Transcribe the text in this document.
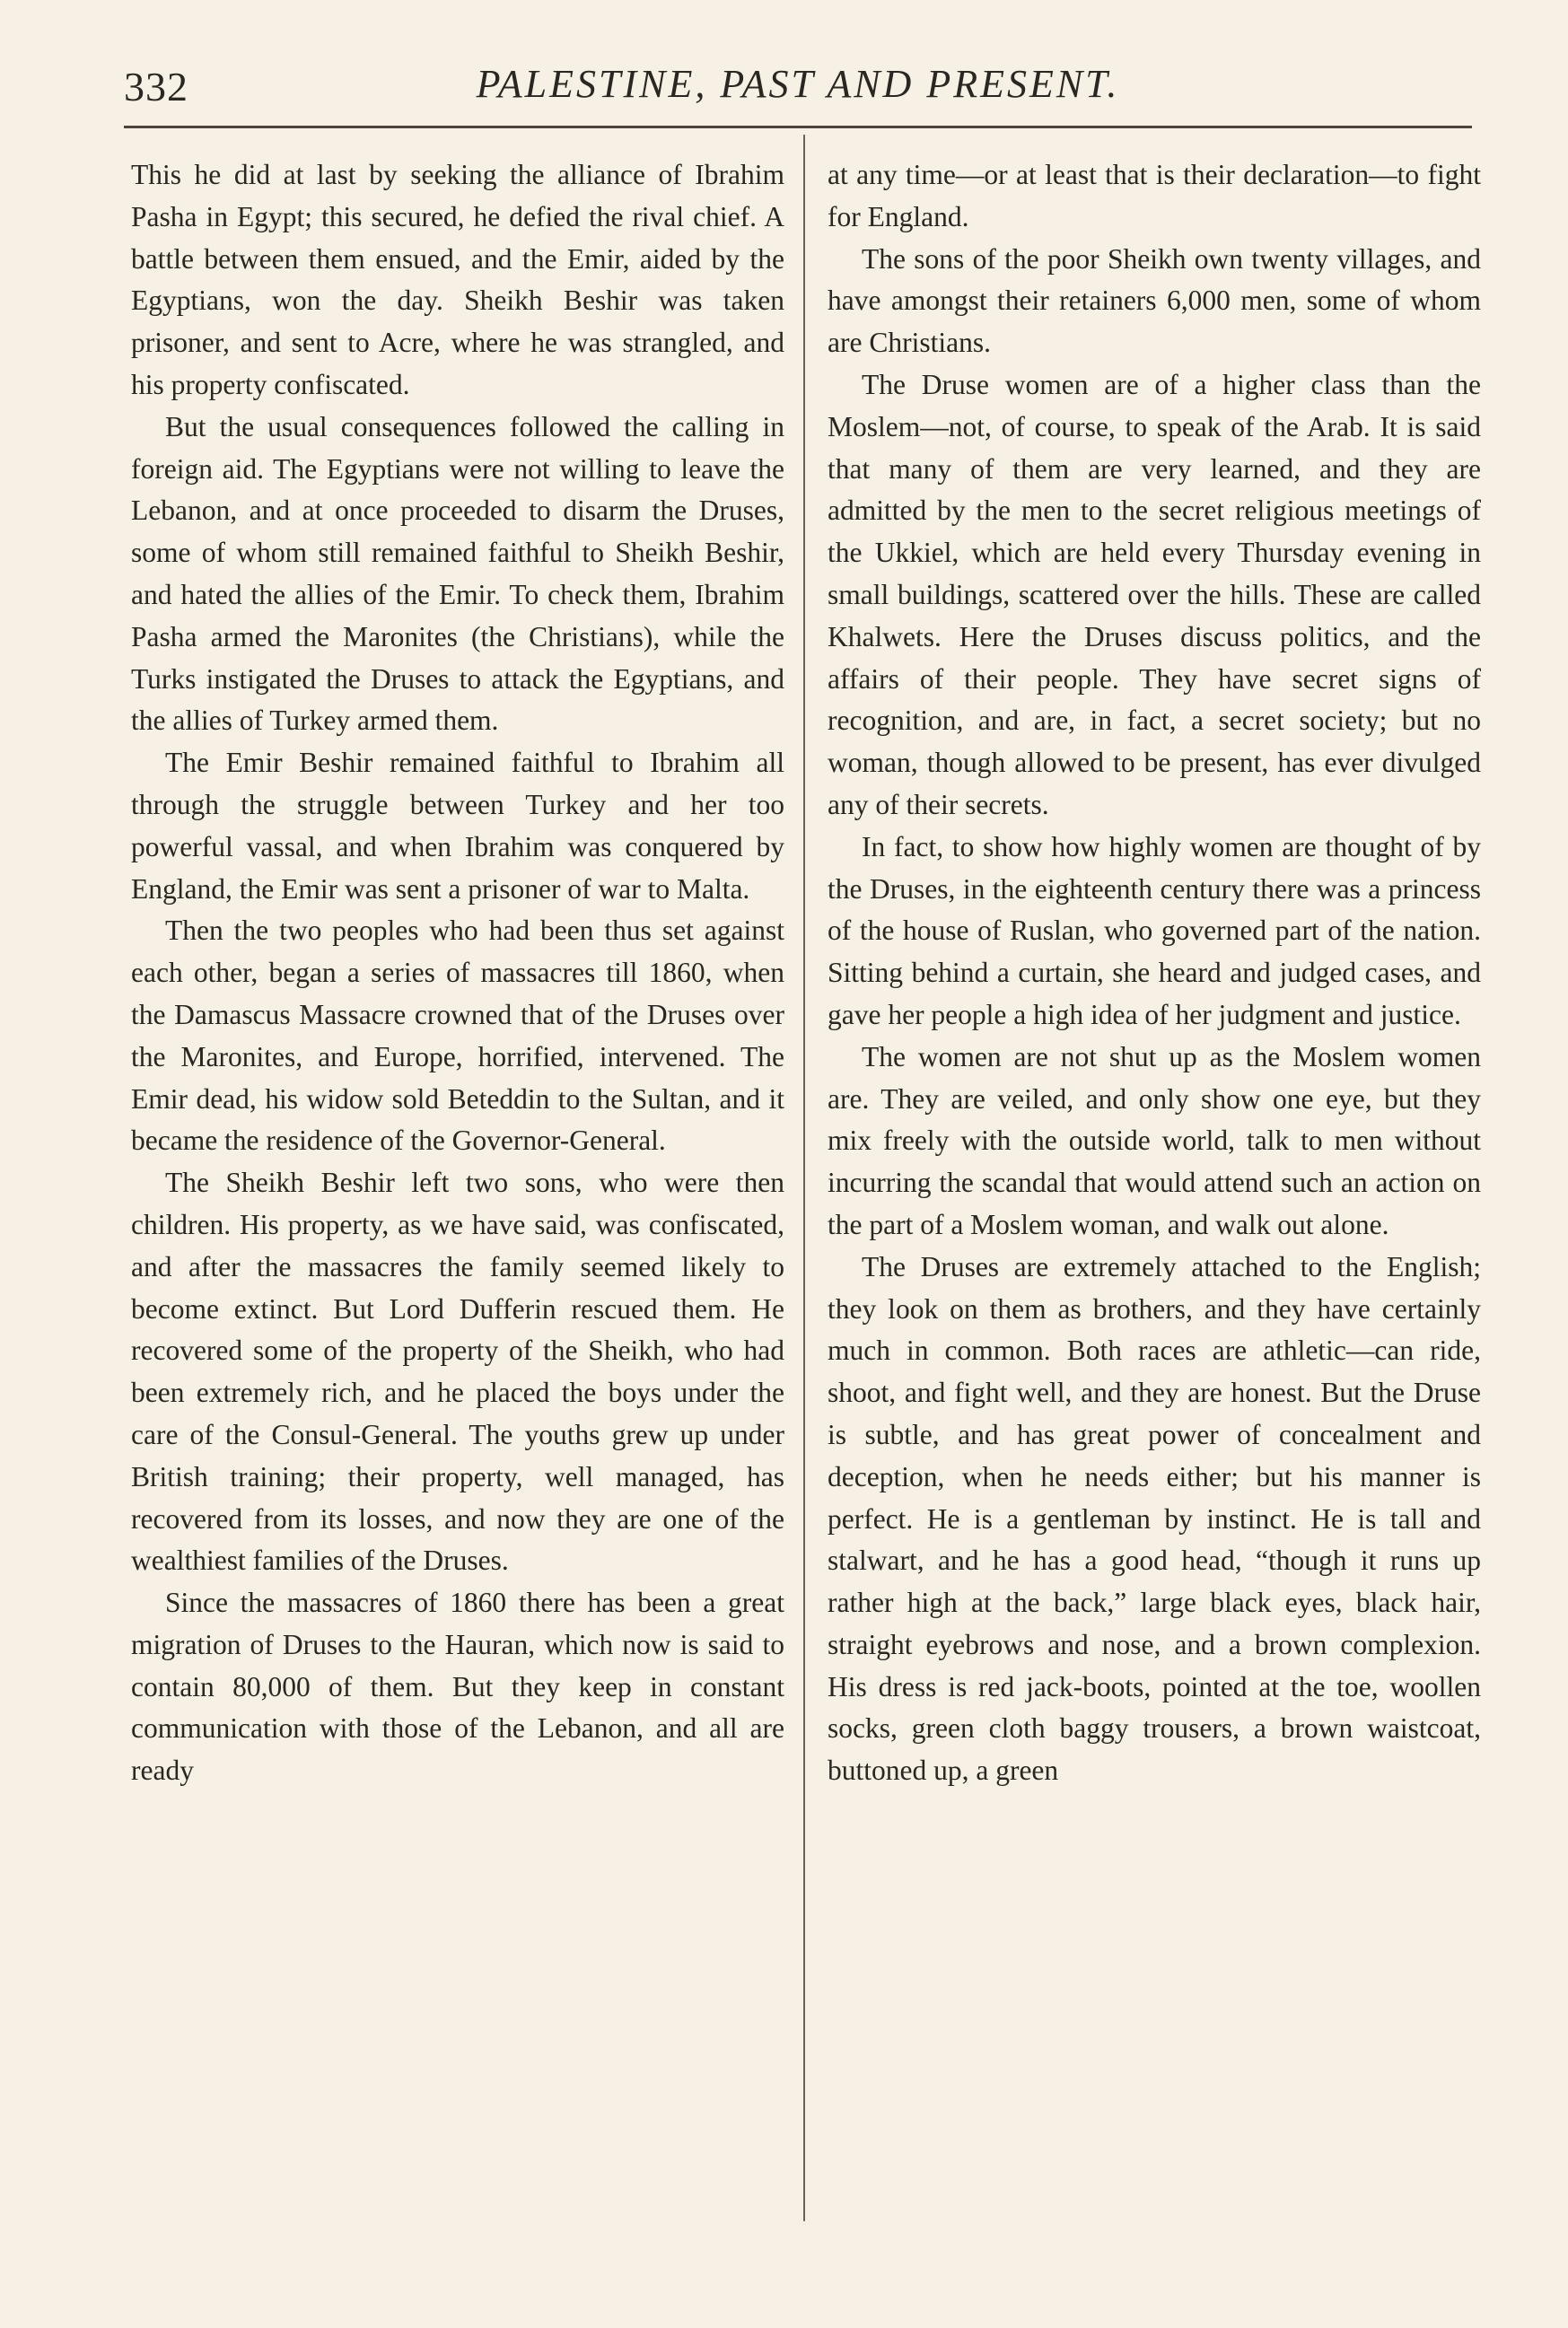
332	PALESTINE, PAST AND PRESENT.

This he did at last by seeking the alliance of Ibrahim Pasha in Egypt; this secured, he defied the rival chief. A battle between them ensued, and the Emir, aided by the Egyptians, won the day. Sheikh Beshir was taken prisoner, and sent to Acre, where he was strangled, and his property confiscated.

But the usual consequences followed the calling in foreign aid. The Egyptians were not willing to leave the Lebanon, and at once proceeded to disarm the Druses, some of whom still remained faithful to Sheikh Beshir, and hated the allies of the Emir. To check them, Ibrahim Pasha armed the Maronites (the Christians), while the Turks instigated the Druses to attack the Egyptians, and the allies of Turkey armed them.

The Emir Beshir remained faithful to Ibrahim all through the struggle between Turkey and her too powerful vassal, and when Ibrahim was conquered by England, the Emir was sent a prisoner of war to Malta.

Then the two peoples who had been thus set against each other, began a series of massacres till 1860, when the Damascus Massacre crowned that of the Druses over the Maronites, and Europe, horrified, intervened. The Emir dead, his widow sold Beteddin to the Sultan, and it became the residence of the Governor-General.

The Sheikh Beshir left two sons, who were then children. His property, as we have said, was confiscated, and after the massacres the family seemed likely to become extinct. But Lord Dufferin rescued them. He recovered some of the property of the Sheikh, who had been extremely rich, and he placed the boys under the care of the Consul-General. The youths grew up under British training; their property, well managed, has recovered from its losses, and now they are one of the wealthiest families of the Druses.

Since the massacres of 1860 there has been a great migration of Druses to the Hauran, which now is said to contain 80,000 of them. But they keep in constant communication with those of the Lebanon, and all are ready

at any time—or at least that is their declaration—to fight for England.

The sons of the poor Sheikh own twenty villages, and have amongst their retainers 6,000 men, some of whom are Christians.

The Druse women are of a higher class than the Moslem—not, of course, to speak of the Arab. It is said that many of them are very learned, and they are admitted by the men to the secret religious meetings of the Ukkiel, which are held every Thursday evening in small buildings, scattered over the hills. These are called Khalwets. Here the Druses discuss politics, and the affairs of their people. They have secret signs of recognition, and are, in fact, a secret society; but no woman, though allowed to be present, has ever divulged any of their secrets.

In fact, to show how highly women are thought of by the Druses, in the eighteenth century there was a princess of the house of Ruslan, who governed part of the nation. Sitting behind a curtain, she heard and judged cases, and gave her people a high idea of her judgment and justice.

The women are not shut up as the Moslem women are. They are veiled, and only show one eye, but they mix freely with the outside world, talk to men without incurring the scandal that would attend such an action on the part of a Moslem woman, and walk out alone.

The Druses are extremely attached to the English; they look on them as brothers, and they have certainly much in common. Both races are athletic—can ride, shoot, and fight well, and they are honest. But the Druse is subtle, and has great power of concealment and deception, when he needs either; but his manner is perfect. He is a gentleman by instinct. He is tall and stalwart, and he has a good head, “though it runs up rather high at the back,” large black eyes, black hair, straight eyebrows and nose, and a brown complexion. His dress is red jack-boots, pointed at the toe, woollen socks, green cloth baggy trousers, a brown waistcoat, buttoned up, a green
